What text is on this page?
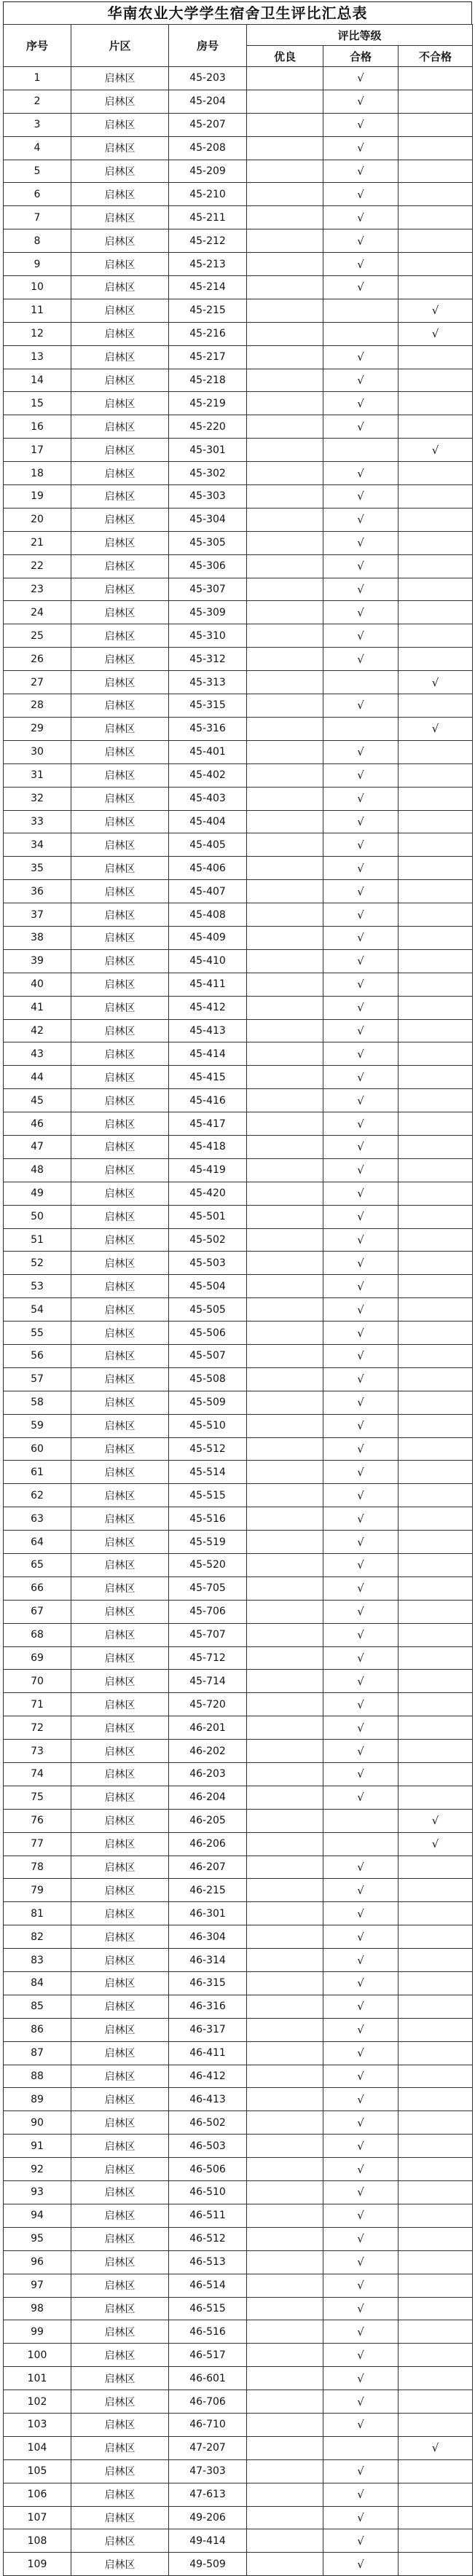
华南农业大学学生宿舍卫生评比汇总表
序号	片区	房号	评比等级		
			优良	合格	不合格
1	启林区	45-203		√	
2	启林区	45-204		√	
3	启林区	45-207		√	
4	启林区	45-208		√	
5	启林区	45-209		√	
6	启林区	45-210		√	
7	启林区	45-211		√	
8	启林区	45-212		√	
9	启林区	45-213		√	
10	启林区	45-214		√	
11	启林区	45-215			√
12	启林区	45-216			√
13	启林区	45-217		√	
14	启林区	45-218		√	
15	启林区	45-219		√	
16	启林区	45-220		√	
17	启林区	45-301			√
18	启林区	45-302		√	
19	启林区	45-303		√	
20	启林区	45-304		√	
21	启林区	45-305		√	
22	启林区	45-306		√	
23	启林区	45-307		√	
24	启林区	45-309		√	
25	启林区	45-310		√	
26	启林区	45-312		√	
27	启林区	45-313			√
28	启林区	45-315		√	
29	启林区	45-316			√
30	启林区	45-401		√	
31	启林区	45-402		√	
32	启林区	45-403		√	
33	启林区	45-404		√	
34	启林区	45-405		√	
35	启林区	45-406		√	
36	启林区	45-407		√	
37	启林区	45-408		√	
38	启林区	45-409		√	
39	启林区	45-410		√	
40	启林区	45-411		√	
41	启林区	45-412		√	
42	启林区	45-413		√	
43	启林区	45-414		√	
44	启林区	45-415		√	
45	启林区	45-416		√	
46	启林区	45-417		√	
47	启林区	45-418		√	
48	启林区	45-419		√	
49	启林区	45-420		√	
50	启林区	45-501		√	
51	启林区	45-502		√	
52	启林区	45-503		√	
53	启林区	45-504		√	
54	启林区	45-505		√	
55	启林区	45-506		√	
56	启林区	45-507		√	
57	启林区	45-508		√	
58	启林区	45-509		√	
59	启林区	45-510		√	
60	启林区	45-512		√	
61	启林区	45-514		√	
62	启林区	45-515		√	
63	启林区	45-516		√	
64	启林区	45-519		√	
65	启林区	45-520		√	
66	启林区	45-705		√	
67	启林区	45-706		√	
68	启林区	45-707		√	
69	启林区	45-712		√	
70	启林区	45-714		√	
71	启林区	45-720		√	
72	启林区	46-201		√	
73	启林区	46-202		√	
74	启林区	46-203		√	
75	启林区	46-204		√	
76	启林区	46-205			√
77	启林区	46-206			√
78	启林区	46-207		√	
79	启林区	46-215		√	
81	启林区	46-301		√	
82	启林区	46-304		√	
83	启林区	46-314		√	
84	启林区	46-315		√	
85	启林区	46-316		√	
86	启林区	46-317		√	
87	启林区	46-411		√	
88	启林区	46-412		√	
89	启林区	46-413		√	
90	启林区	46-502		√	
91	启林区	46-503		√	
92	启林区	46-506		√	
93	启林区	46-510		√	
94	启林区	46-511		√	
95	启林区	46-512		√	
96	启林区	46-513		√	
97	启林区	46-514		√	
98	启林区	46-515		√	
99	启林区	46-516		√	
100	启林区	46-517		√	
101	启林区	46-601		√	
102	启林区	46-706		√	
103	启林区	46-710		√	
104	启林区	47-207			√
105	启林区	47-303		√	
106	启林区	47-613		√	
107	启林区	49-206		√	
108	启林区	49-414		√	
109	启林区	49-509		√	
